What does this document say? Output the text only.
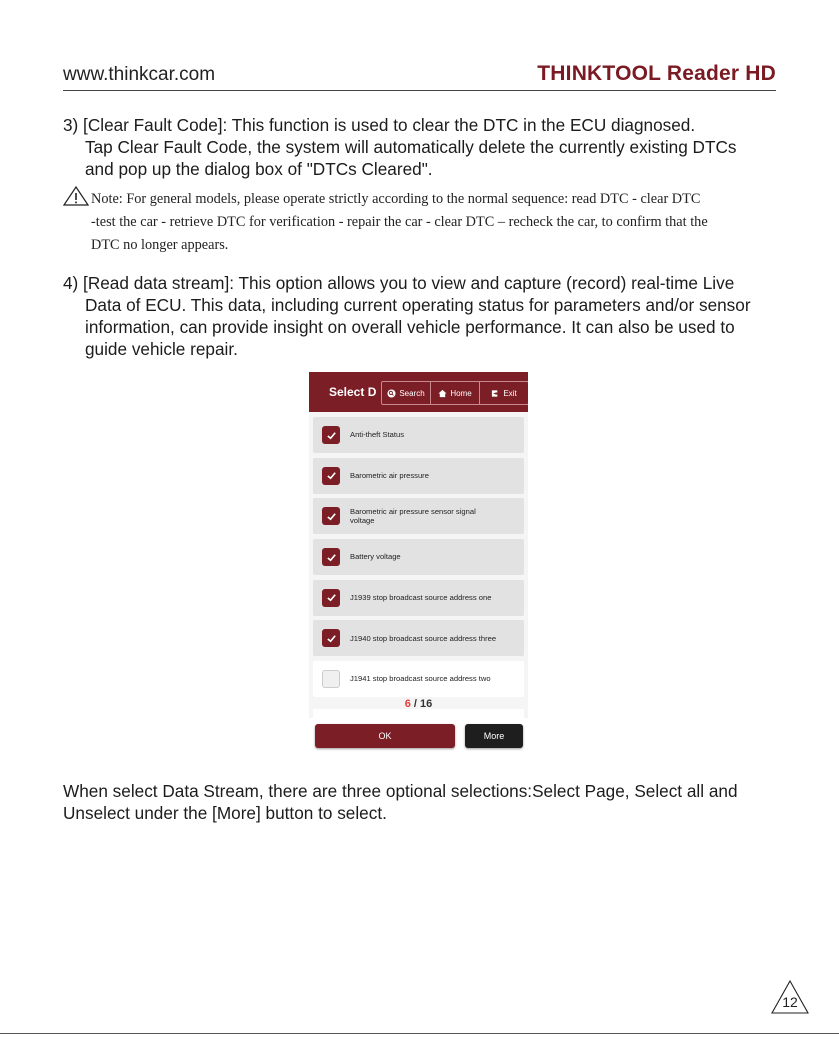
www.thinkcar.com	THINKTOOL Reader HD
3) [Clear Fault Code]: This function is used to clear the DTC in the ECU diagnosed.
Tap Clear Fault Code, the system will automatically delete the currently existing DTCs
and pop up the dialog box of "DTCs Cleared".
Note: For general models, please operate strictly according to the normal sequence: read DTC - clear DTC
-test the car - retrieve DTC for verification - repair the car - clear DTC – recheck the car, to confirm that the
DTC no longer appears.
4) [Read data stream]: This option allows you to view and capture (record) real-time Live
Data of ECU. This data, including current operating status for parameters and/or sensor
information, can provide insight on overall vehicle performance. It can also be used to
guide vehicle repair.
Select D	Search	Home	Exit
Anti-theft Status
Barometric air pressure
Barometric air pressure sensor signal voltage
Battery voltage
J1939 stop broadcast source address one
J1940 stop broadcast source address three
J1941 stop broadcast source address two
6 / 16
OK	More
When select Data Stream, there are three optional selections:Select Page, Select all and
Unselect under the [More] button to select.
12
